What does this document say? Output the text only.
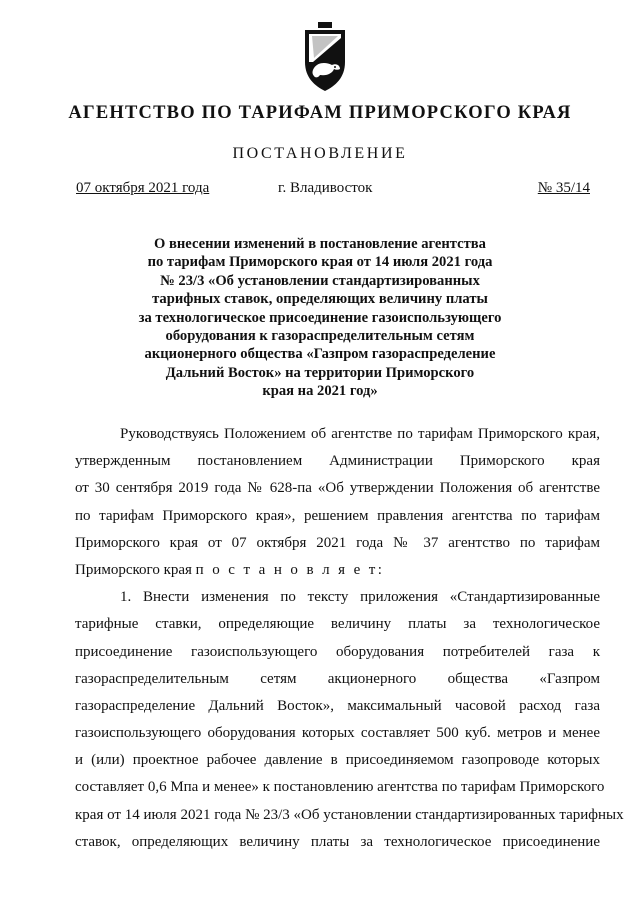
АГЕНТСТВО ПО ТАРИФАМ ПРИМОРСКОГО КРАЯ
ПОСТАНОВЛЕНИЕ
07 октября 2021 года	г. Владивосток	№ 35/14
О внесении изменений в постановление агентства
по тарифам Приморского края от 14 июля 2021 года
№ 23/3 «Об установлении стандартизированных
тарифных ставок, определяющих величину платы
за технологическое присоединение газоиспользующего
оборудования к газораспределительным сетям
акционерного общества «Газпром газораспределение
Дальний Восток» на территории Приморского
края на 2021 год»
Руководствуясь Положением об агентстве по тарифам Приморского края,
утвержденным постановлением Администрации Приморского края
от 30 сентября 2019 года № 628-па «Об утверждении Положения об агентстве
по тарифам Приморского края», решением правления агентства по тарифам
Приморского края от 07 октября 2021 года № 37 агентство по тарифам
Приморского края п о с т а н о в л я е т:
1. Внести изменения по тексту приложения «Стандартизированные
тарифные ставки, определяющие величину платы за технологическое
присоединение газоиспользующего оборудования потребителей газа к
газораспределительным сетям акционерного общества «Газпром
газораспределение Дальний Восток», максимальный часовой расход газа
газоиспользующего оборудования которых составляет 500 куб. метров и менее
и (или) проектное рабочее давление в присоединяемом газопроводе которых
составляет 0,6 Мпа и менее» к постановлению агентства по тарифам Приморского
края от 14 июля 2021 года № 23/3 «Об установлении стандартизированных тарифных
ставок, определяющих величину платы за технологическое присоединение
